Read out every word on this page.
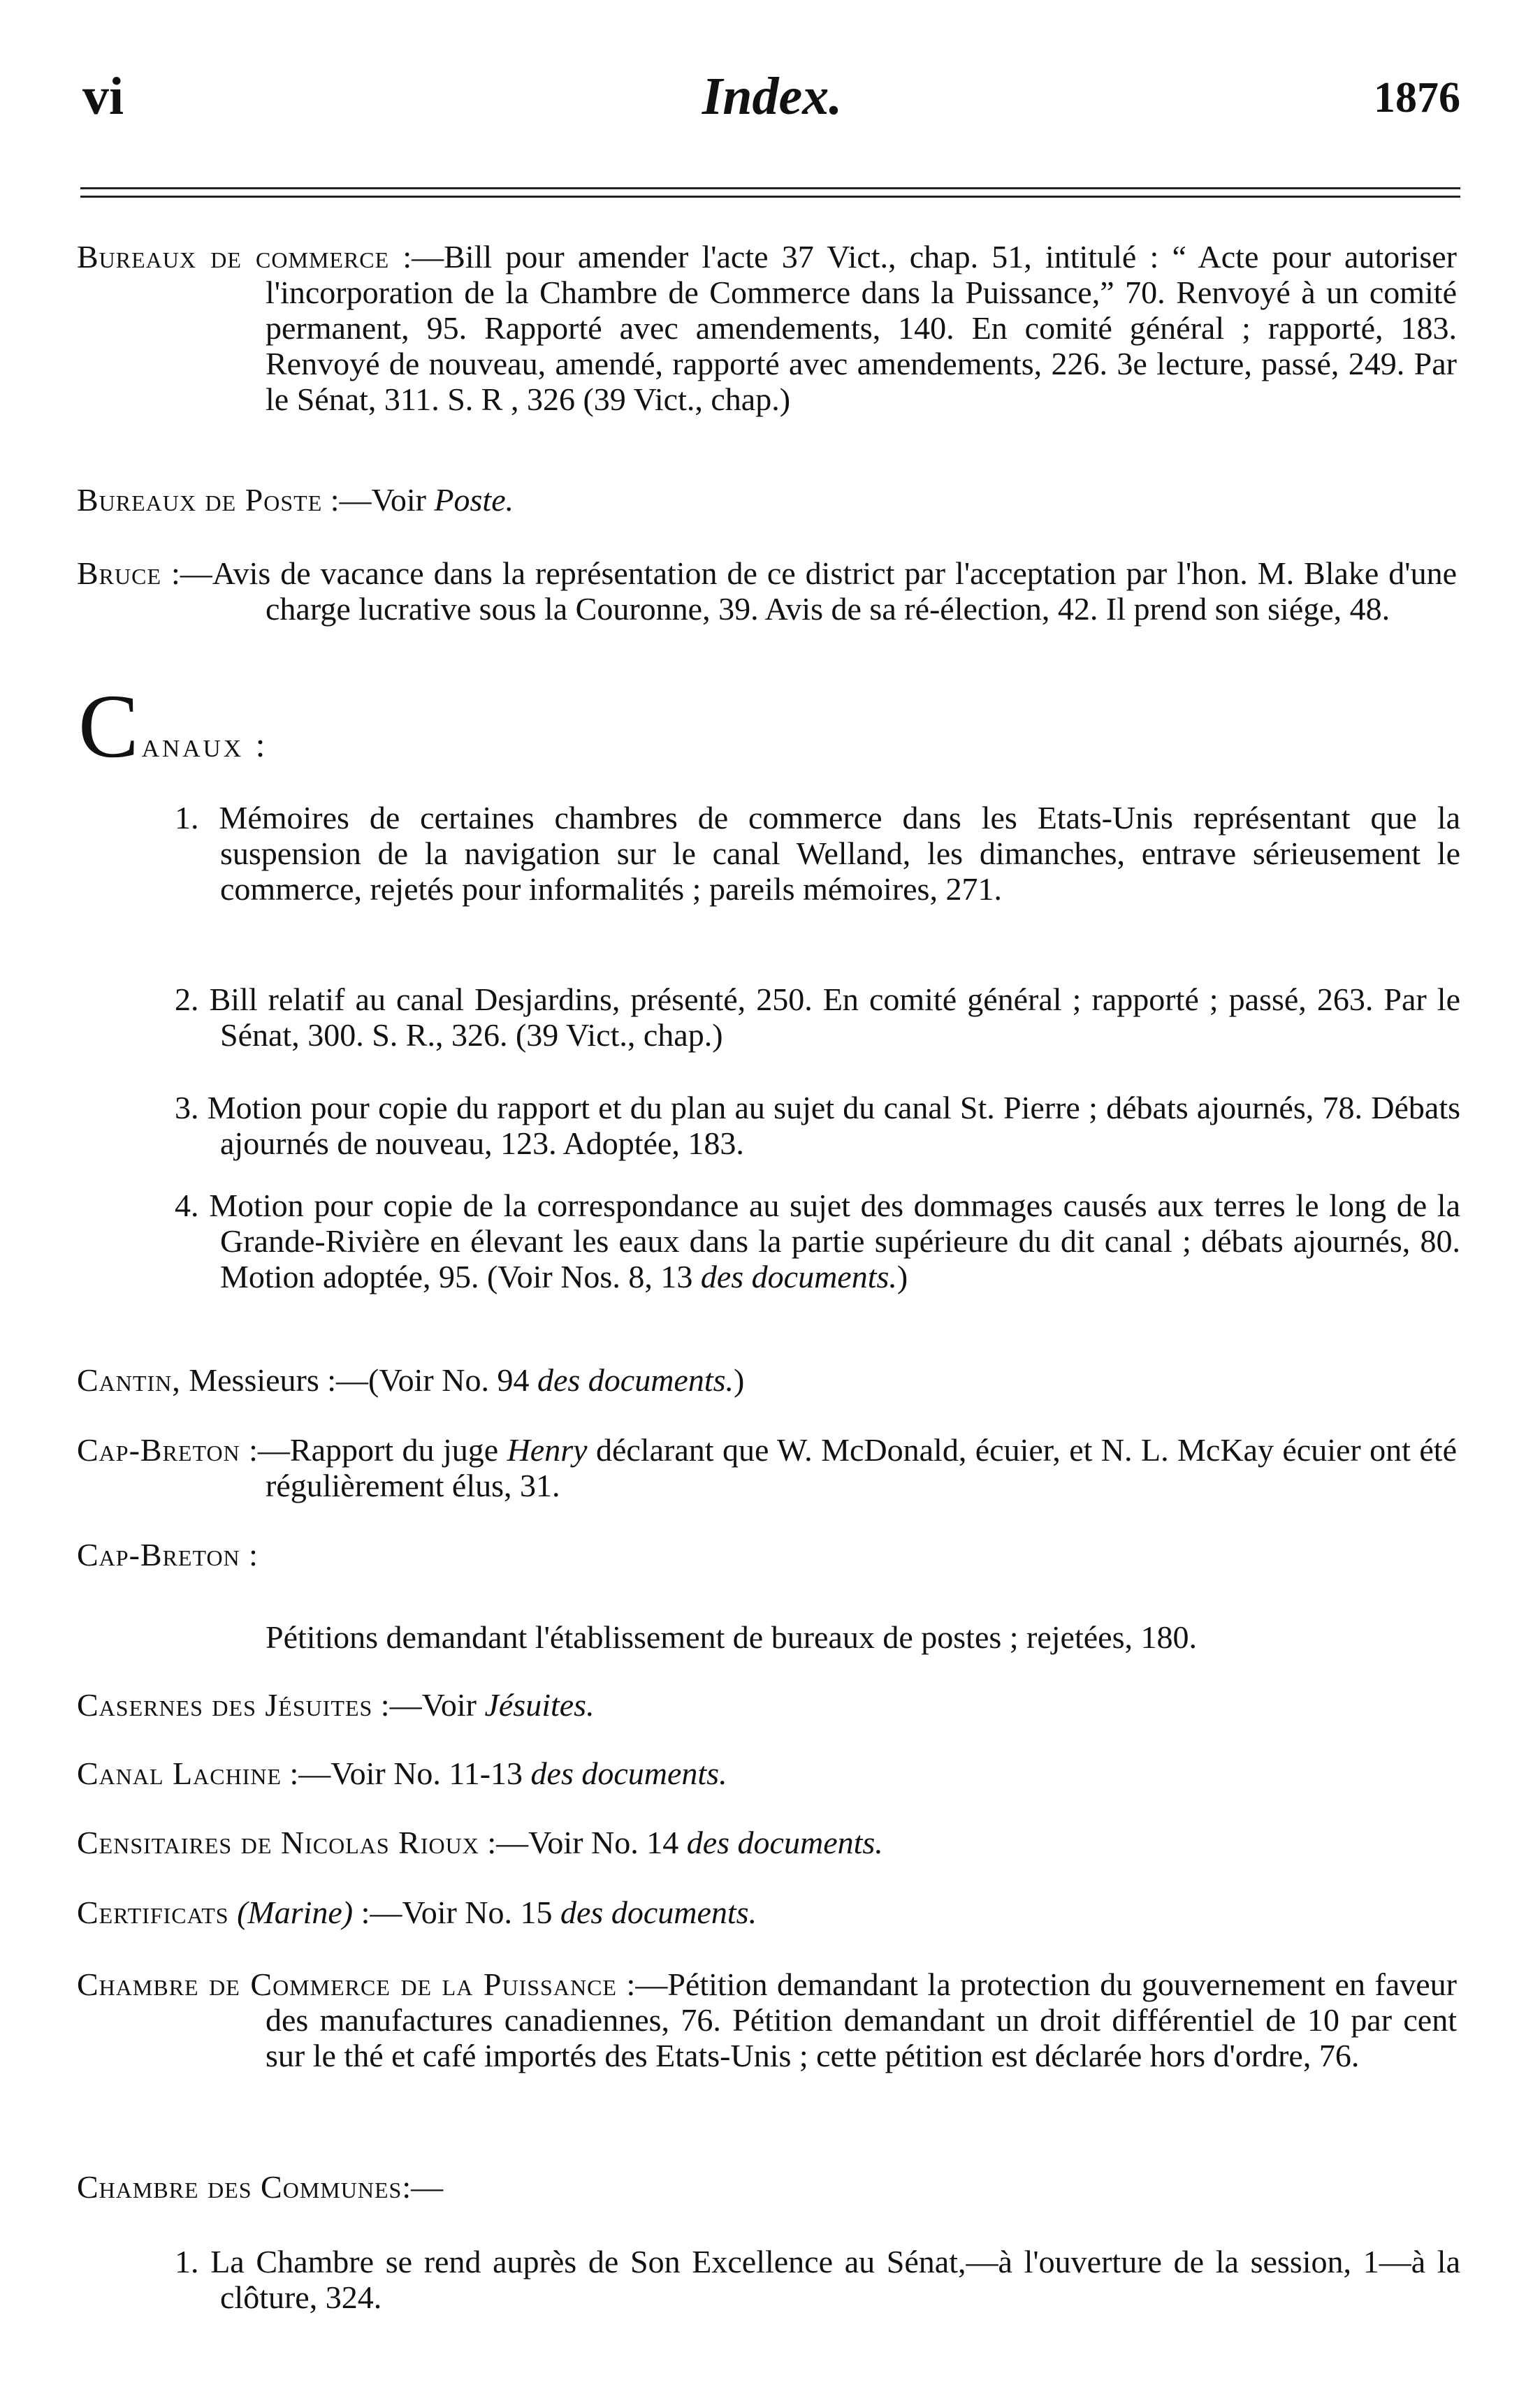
vi	Index.	1876
Bureaux de commerce :—Bill pour amender l'acte 37 Vict., chap. 51, intitulé : “ Acte pour autoriser l'incorporation de la Chambre de Commerce dans la Puissance,” 70. Renvoyé à un comité permanent, 95. Rapporté avec amendements, 140. En comité général ; rapporté, 183. Renvoyé de nouveau, amendé, rapporté avec amendements, 226. 3e lecture, passé, 249. Par le Sénat, 311. S. R , 326 (39 Vict., chap.)
Bureaux de Poste :—Voir Poste.
Bruce :—Avis de vacance dans la représentation de ce district par l'acceptation par l'hon. M. Blake d'une charge lucrative sous la Couronne, 39. Avis de sa ré-élection, 42. Il prend son siége, 48.
Canaux :
1. Mémoires de certaines chambres de commerce dans les Etats-Unis représentant que la suspension de la navigation sur le canal Welland, les dimanches, entrave sérieusement le commerce, rejetés pour informalités ; pareils mémoires, 271.
2. Bill relatif au canal Desjardins, présenté, 250. En comité général ; rapporté ; passé, 263. Par le Sénat, 300. S. R., 326. (39 Vict., chap.)
3. Motion pour copie du rapport et du plan au sujet du canal St. Pierre ; débats ajournés, 78. Débats ajournés de nouveau, 123. Adoptée, 183.
4. Motion pour copie de la correspondance au sujet des dommages causés aux terres le long de la Grande-Rivière en élevant les eaux dans la partie supérieure du dit canal ; débats ajournés, 80. Motion adoptée, 95. (Voir Nos. 8, 13 des documents.)
Cantin, Messieurs :—(Voir No. 94 des documents.)
Cap-Breton :—Rapport du juge Henry déclarant que W. McDonald, écuier, et N. L. McKay écuier ont été régulièrement élus, 31.
Cap-Breton :
Pétitions demandant l'établissement de bureaux de postes ; rejetées, 180.
Casernes des Jésuites :—Voir Jésuites.
Canal Lachine :—Voir No. 11-13 des documents.
Censitaires de Nicolas Rioux :—Voir No. 14 des documents.
Certificats (Marine) :—Voir No. 15 des documents.
Chambre de Commerce de la Puissance :—Pétition demandant la protection du gouvernement en faveur des manufactures canadiennes, 76. Pétition demandant un droit différentiel de 10 par cent sur le thé et café importés des Etats-Unis ; cette pétition est déclarée hors d'ordre, 76.
Chambre des Communes:—
1. La Chambre se rend auprès de Son Excellence au Sénat,—à l'ouverture de la session, 1—à la clôture, 324.
